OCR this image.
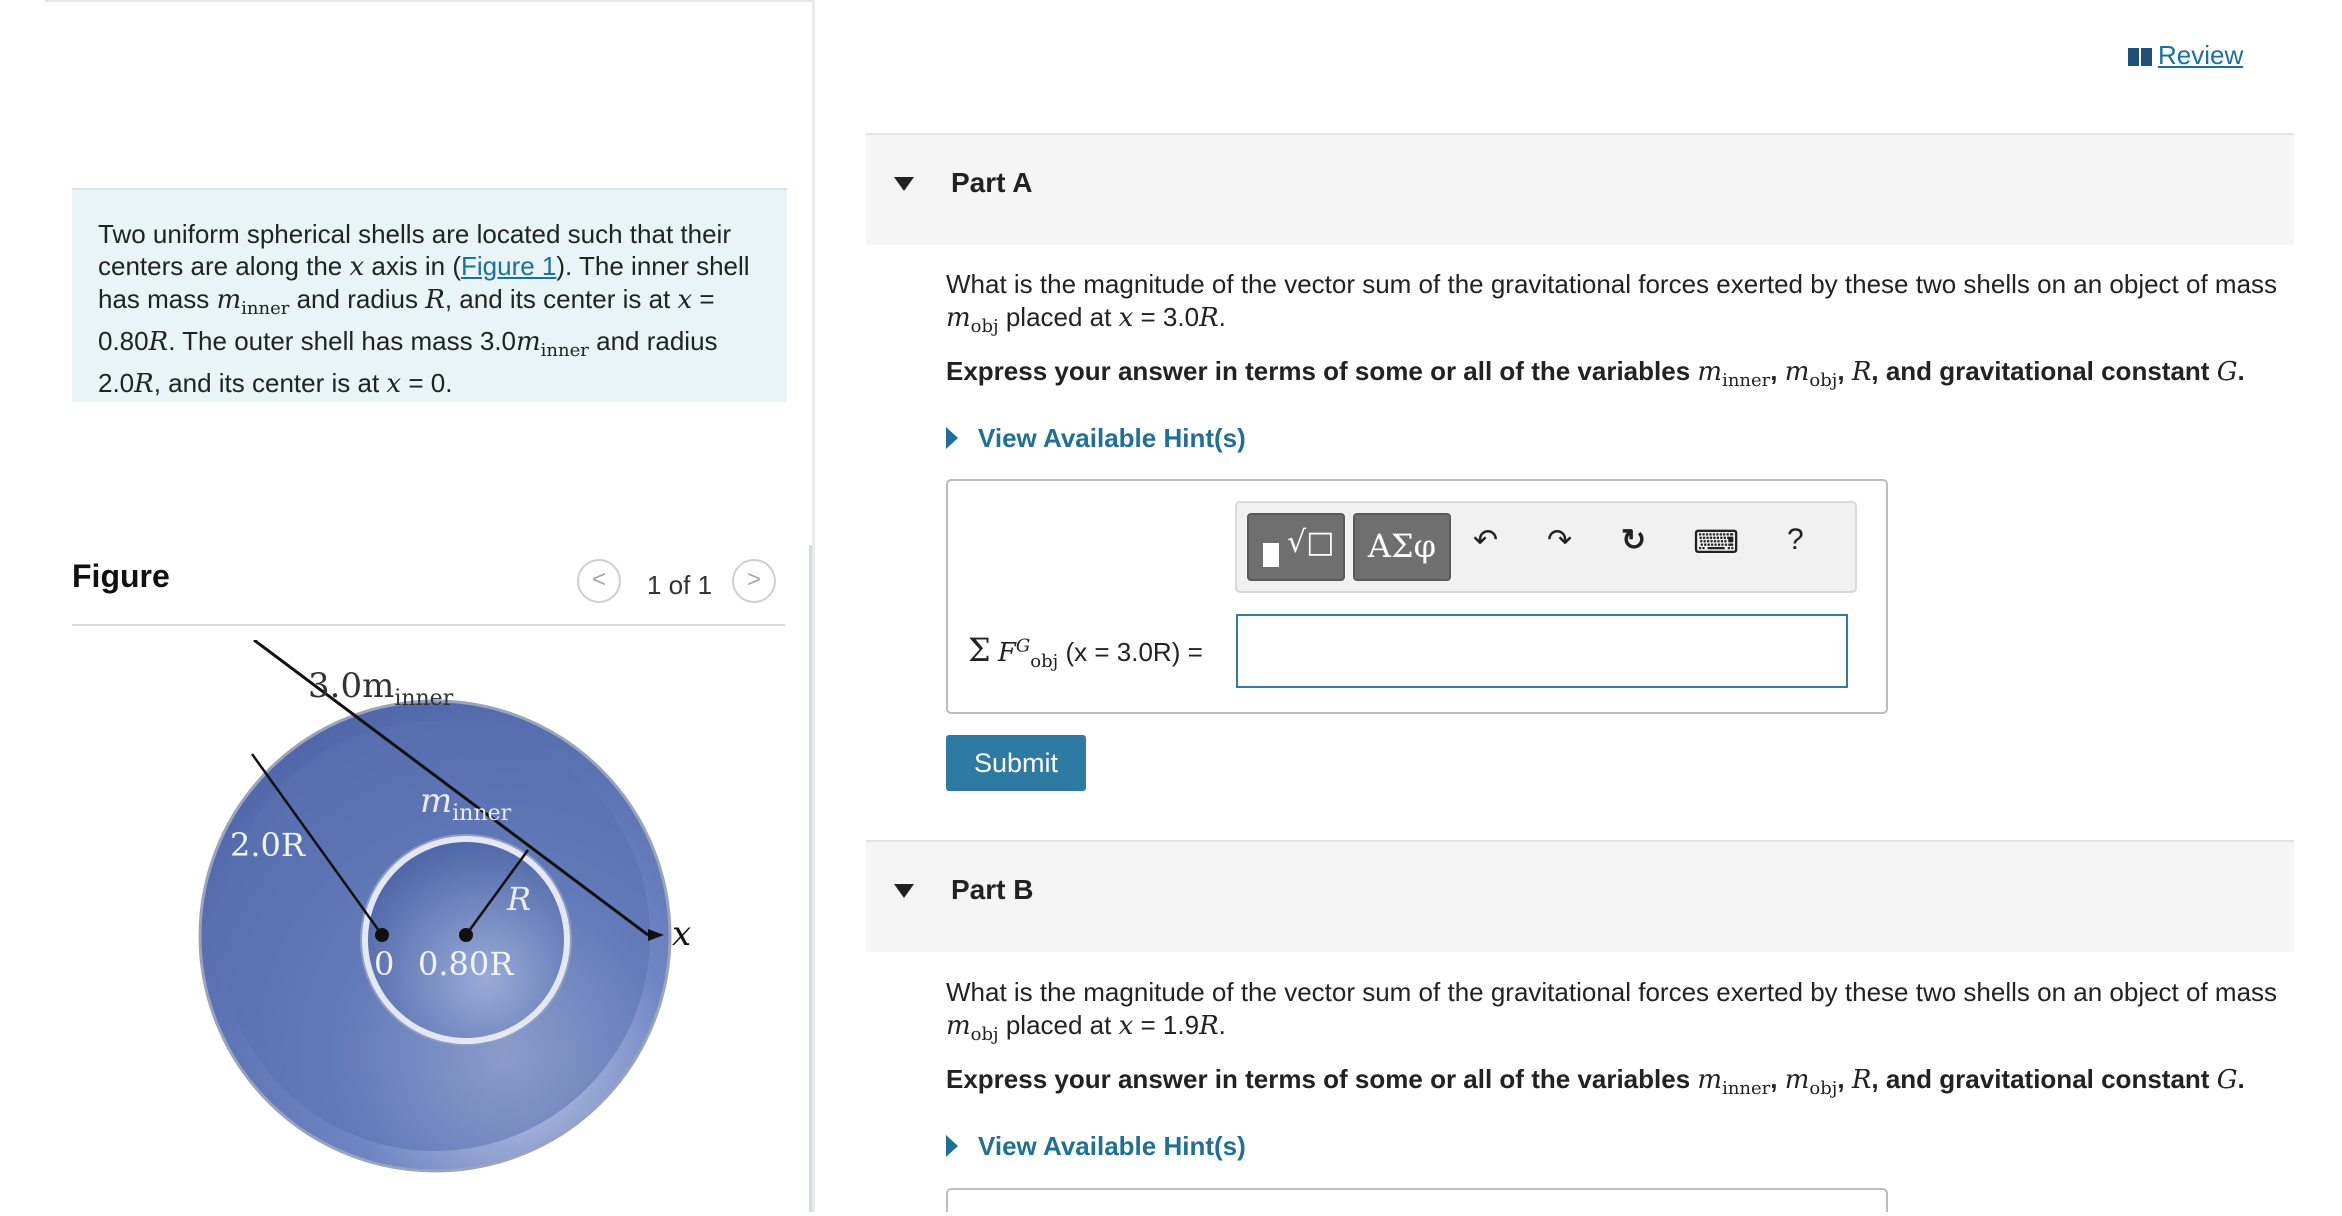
Two uniform spherical shells are located such that their centers are along the x axis in (Figure 1). The inner shell has mass $m_{inner}$ and radius R, and its center is at x = 0.80R. The outer shell has mass $3.0m_{inner}$ and radius 2.0R, and its center is at x = 0.
Figure	<	1 of 1	>
$3.0m_{inner}$
$m_{inner}$
2.0R
R
0 0.80R
x
Review
Part A
What is the magnitude of the vector sum of the gravitational forces exerted by these two shells on an object of mass $m_{obj}$ placed at x = 3.0R.
Express your answer in terms of some or all of the variables $m_{inner}$, $m_{obj}$, R, and gravitational constant G.
View Available Hint(s)
√□	ΑΣφ	↶ ↷ ↻ ⌨ ?
Σ $F^G_{obj}$ (x = 3.0R) =
Submit
Part B
What is the magnitude of the vector sum of the gravitational forces exerted by these two shells on an object of mass $m_{obj}$ placed at x = 1.9R.
Express your answer in terms of some or all of the variables $m_{inner}$, $m_{obj}$, R, and gravitational constant G.
View Available Hint(s)
